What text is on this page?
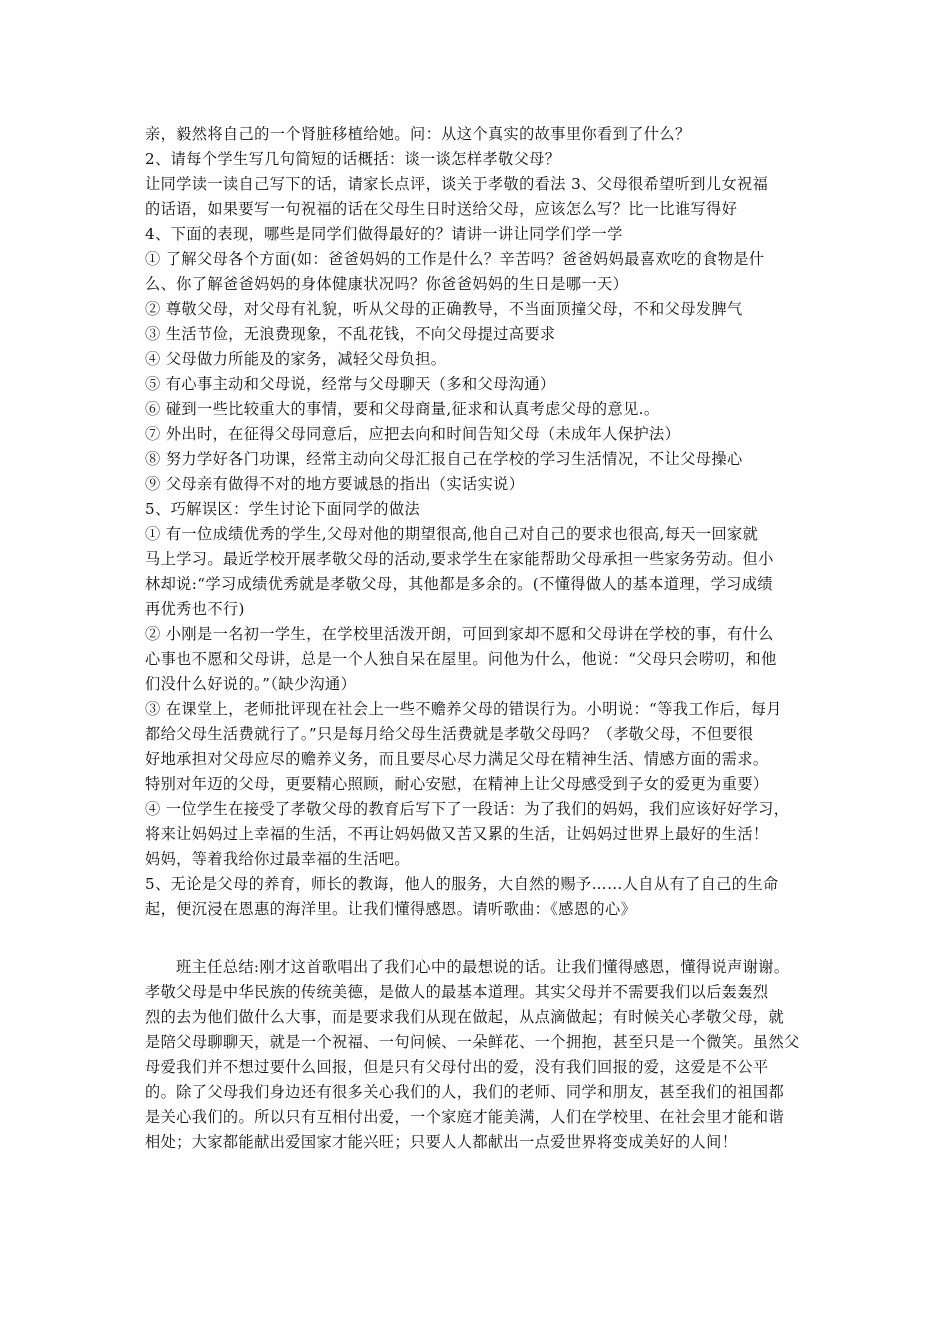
亲，毅然将自己的一个肾脏移植给她。问：从这个真实的故事里你看到了什么？
2、请每个学生写几句简短的话概括：谈一谈怎样孝敬父母？
让同学读一读自己写下的话，请家长点评，谈关于孝敬的看法 3、父母很希望听到儿女祝福
的话语，如果要写一句祝福的话在父母生日时送给父母，应该怎么写？比一比谁写得好
4、下面的表现，哪些是同学们做得最好的？请讲一讲让同学们学一学
① 了解父母各个方面(如：爸爸妈妈的工作是什么？辛苦吗？爸爸妈妈最喜欢吃的食物是什
么、你了解爸爸妈妈的身体健康状况吗？你爸爸妈妈的生日是哪一天）
② 尊敬父母，对父母有礼貌，听从父母的正确教导，不当面顶撞父母，不和父母发脾气
③ 生活节俭，无浪费现象，不乱花钱，不向父母提过高要求
④ 父母做力所能及的家务，减轻父母负担。
⑤ 有心事主动和父母说，经常与父母聊天（多和父母沟通）
⑥ 碰到一些比较重大的事情，要和父母商量,征求和认真考虑父母的意见.。
⑦ 外出时，在征得父母同意后，应把去向和时间告知父母（未成年人保护法）
⑧ 努力学好各门功课，经常主动向父母汇报自己在学校的学习生活情况，不让父母操心
⑨ 父母亲有做得不对的地方要诚恳的指出（实话实说）
5、巧解误区：学生讨论下面同学的做法
① 有一位成绩优秀的学生,父母对他的期望很高,他自己对自己的要求也很高,每天一回家就
马上学习。最近学校开展孝敬父母的活动,要求学生在家能帮助父母承担一些家务劳动。但小
林却说:“学习成绩优秀就是孝敬父母，其他都是多余的。(不懂得做人的基本道理，学习成绩
再优秀也不行)
② 小刚是一名初一学生，在学校里活泼开朗，可回到家却不愿和父母讲在学校的事，有什么
心事也不愿和父母讲，总是一个人独自呆在屋里。问他为什么，他说：“父母只会唠叨，和他
们没什么好说的。”（缺少沟通）
③ 在课堂上，老师批评现在社会上一些不赡养父母的错误行为。小明说：“等我工作后，每月
都给父母生活费就行了。”只是每月给父母生活费就是孝敬父母吗？（孝敬父母，不但要很
好地承担对父母应尽的赡养义务，而且要尽心尽力满足父母在精神生活、情感方面的需求。
特别对年迈的父母，更要精心照顾，耐心安慰，在精神上让父母感受到子女的爱更为重要）
④ 一位学生在接受了孝敬父母的教育后写下了一段话：为了我们的妈妈，我们应该好好学习，
将来让妈妈过上幸福的生活，不再让妈妈做又苦又累的生活，让妈妈过世界上最好的生活！
妈妈，等着我给你过最幸福的生活吧。
5、无论是父母的养育，师长的教诲，他人的服务，大自然的赐予……人自从有了自己的生命
起，便沉浸在恩惠的海洋里。让我们懂得感恩。请听歌曲：《感恩的心》
班主任总结:刚才这首歌唱出了我们心中的最想说的话。让我们懂得感恩，懂得说声谢谢。
孝敬父母是中华民族的传统美德，是做人的最基本道理。其实父母并不需要我们以后轰轰烈
烈的去为他们做什么大事，而是要求我们从现在做起，从点滴做起；有时候关心孝敬父母，就
是陪父母聊聊天，就是一个祝福、一句问候、一朵鲜花、一个拥抱，甚至只是一个微笑。虽然父
母爱我们并不想过要什么回报，但是只有父母付出的爱，没有我们回报的爱，这爱是不公平
的。除了父母我们身边还有很多关心我们的人，我们的老师、同学和朋友，甚至我们的祖国都
是关心我们的。所以只有互相付出爱，一个家庭才能美满，人们在学校里、在社会里才能和谐
相处；大家都能献出爱国家才能兴旺；只要人人都献出一点爱世界将变成美好的人间！
